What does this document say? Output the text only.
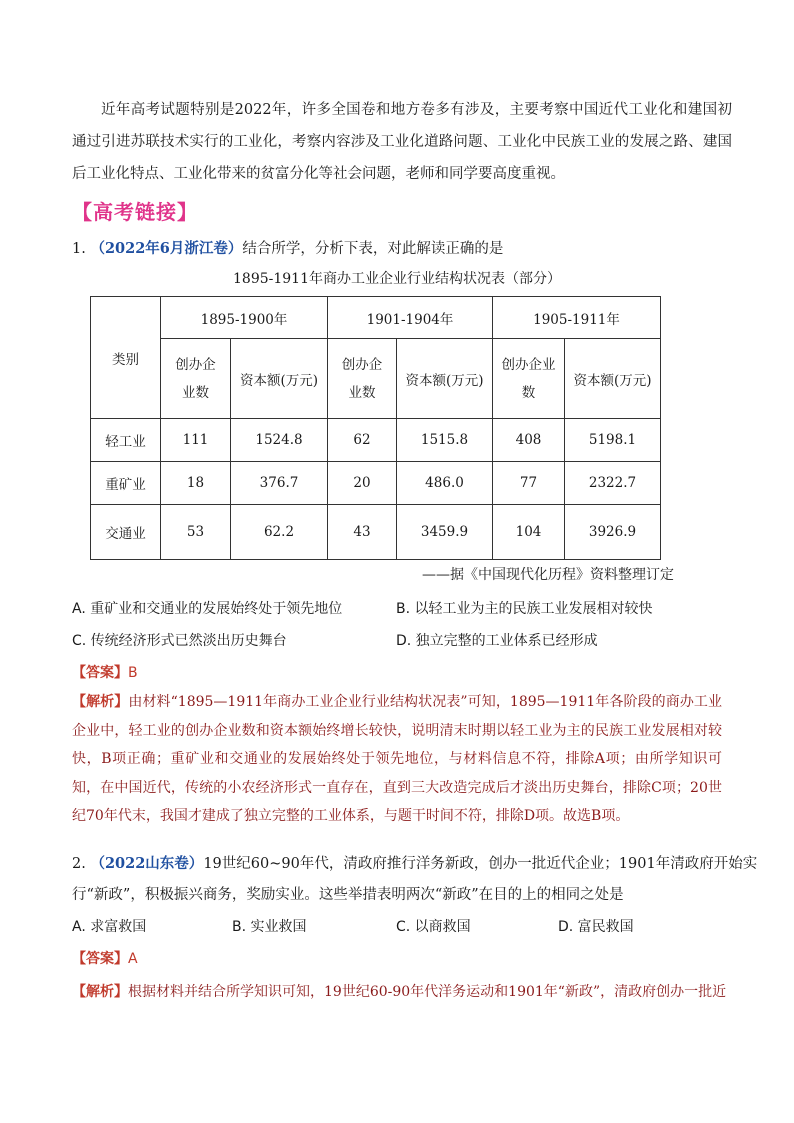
近年高考试题特别是2022年，许多全国卷和地方卷多有涉及，主要考察中国近代工业化和建国初通过引进苏联技术实行的工业化，考察内容涉及工业化道路问题、工业化中民族工业的发展之路、建国后工业化特点、工业化带来的贫富分化等社会问题，老师和同学要高度重视。
【高考链接】
1. （2022年6月浙江卷）结合所学，分析下表，对此解读正确的是
1895-1911年商办工业企业行业结构状况表（部分）
类别	1895-1900年		1901-1904年		1905-1911年	
	创办企业数	资本额(万元)	创办企业数	资本额(万元)	创办企业数	资本额(万元)
轻工业	111	1524.8	62	1515.8	408	5198.1
重矿业	18	376.7	20	486.0	77	2322.7
交通业	53	62.2	43	3459.9	104	3926.9
——据《中国现代化历程》资料整理订定
A. 重矿业和交通业的发展始终处于领先地位	B. 以轻工业为主的民族工业发展相对较快
C. 传统经济形式已然淡出历史舞台	D. 独立完整的工业体系已经形成
【答案】B
【解析】由材料“1895—1911年商办工业企业行业结构状况表”可知，1895—1911年各阶段的商办工业企业中，轻工业的创办企业数和资本额始终增长较快，说明清末时期以轻工业为主的民族工业发展相对较快，B项正确；重矿业和交通业的发展始终处于领先地位，与材料信息不符，排除A项；由所学知识可知，在中国近代，传统的小农经济形式一直存在，直到三大改造完成后才淡出历史舞台，排除C项；20世纪70年代末，我国才建成了独立完整的工业体系，与题干时间不符，排除D项。故选B项。
2. （2022山东卷）19世纪60~90年代，清政府推行洋务新政，创办一批近代企业；1901年清政府开始实
行“新政”，积极振兴商务，奖励实业。这些举措表明两次“新政”在目的上的相同之处是
A. 求富救国	B. 实业救国	C. 以商救国	D. 富民救国
【答案】A
【解析】根据材料并结合所学知识可知，19世纪60-90年代洋务运动和1901年“新政”，清政府创办一批近
